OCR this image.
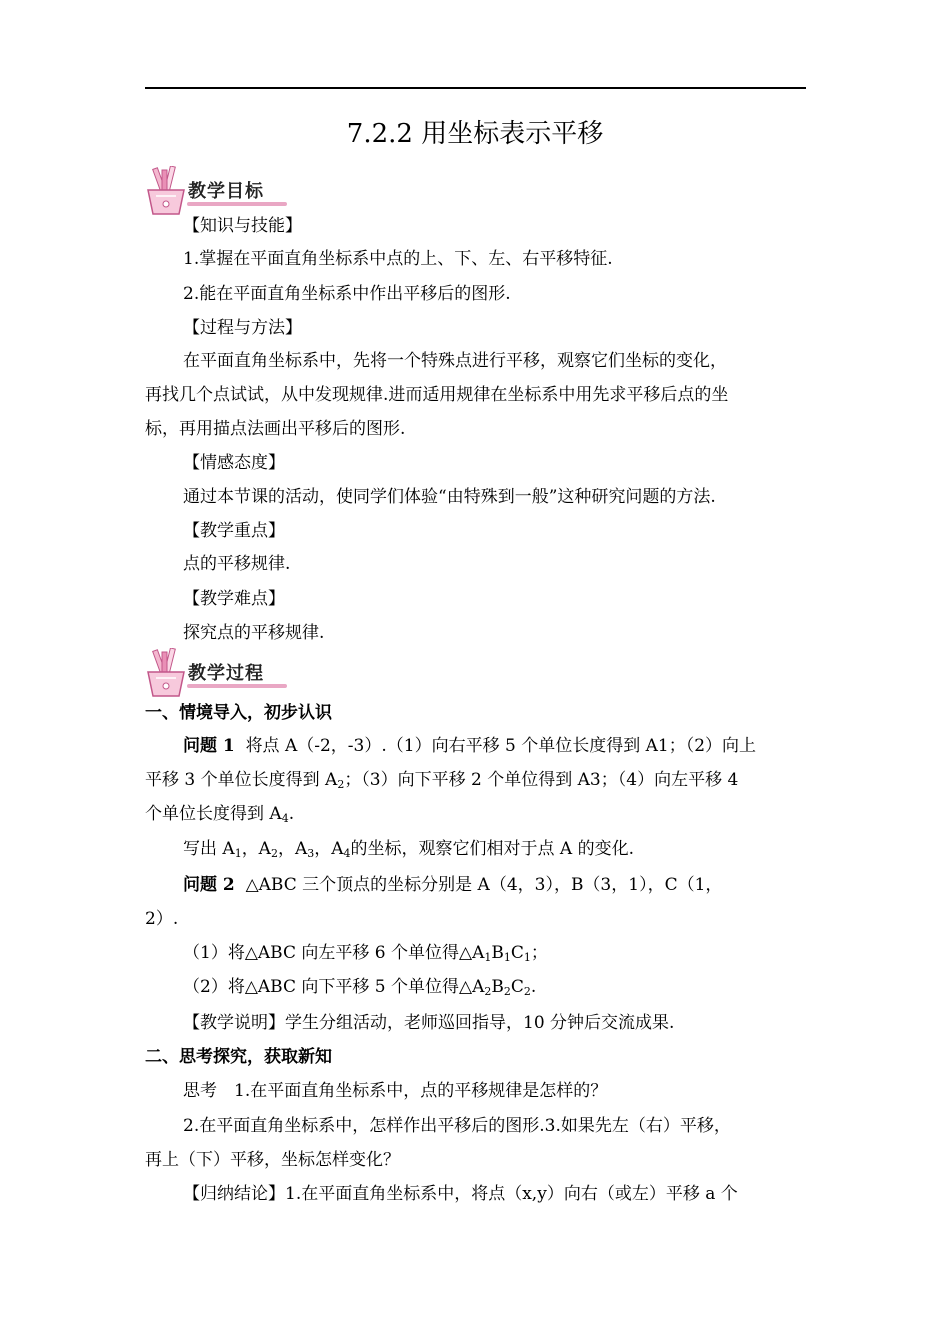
7.2.2 用坐标表示平移
教学目标
【知识与技能】
1.掌握在平面直角坐标系中点的上、下、左、右平移特征.
2.能在平面直角坐标系中作出平移后的图形.
【过程与方法】
在平面直角坐标系中，先将一个特殊点进行平移，观察它们坐标的变化，
再找几个点试试，从中发现规律.进而适用规律在坐标系中用先求平移后点的坐
标，再用描点法画出平移后的图形.
【情感态度】
通过本节课的活动，使同学们体验“由特殊到一般”这种研究问题的方法.
【教学重点】
点的平移规律.
【教学难点】
探究点的平移规律.
教学过程
一、情境导入，初步认识
问题 1 将点 A（-2，-3）.（1）向右平移 5 个单位长度得到 A1；（2）向上
平移 3 个单位长度得到 $A_2$；（3）向下平移 2 个单位得到 A3；（4）向左平移 4
个单位长度得到 $A_4$.
写出 $A_1$，$A_2$，$A_3$，$A_4$的坐标，观察它们相对于点 A 的变化.
问题 2 △ABC 三个顶点的坐标分别是 A（4，3），B（3，1），C（1，
2）.
（1）将△ABC 向左平移 6 个单位得$\triangle A_1B_1C_1$；
（2）将△ABC 向下平移 5 个单位得$\triangle A_2B_2C_2$.
【教学说明】学生分组活动，老师巡回指导，10 分钟后交流成果.
二、思考探究，获取新知
思考　1.在平面直角坐标系中，点的平移规律是怎样的？
2.在平面直角坐标系中，怎样作出平移后的图形.3.如果先左（右）平移，
再上（下）平移，坐标怎样变化？
【归纳结论】1.在平面直角坐标系中，将点（x,y）向右（或左）平移 a 个
